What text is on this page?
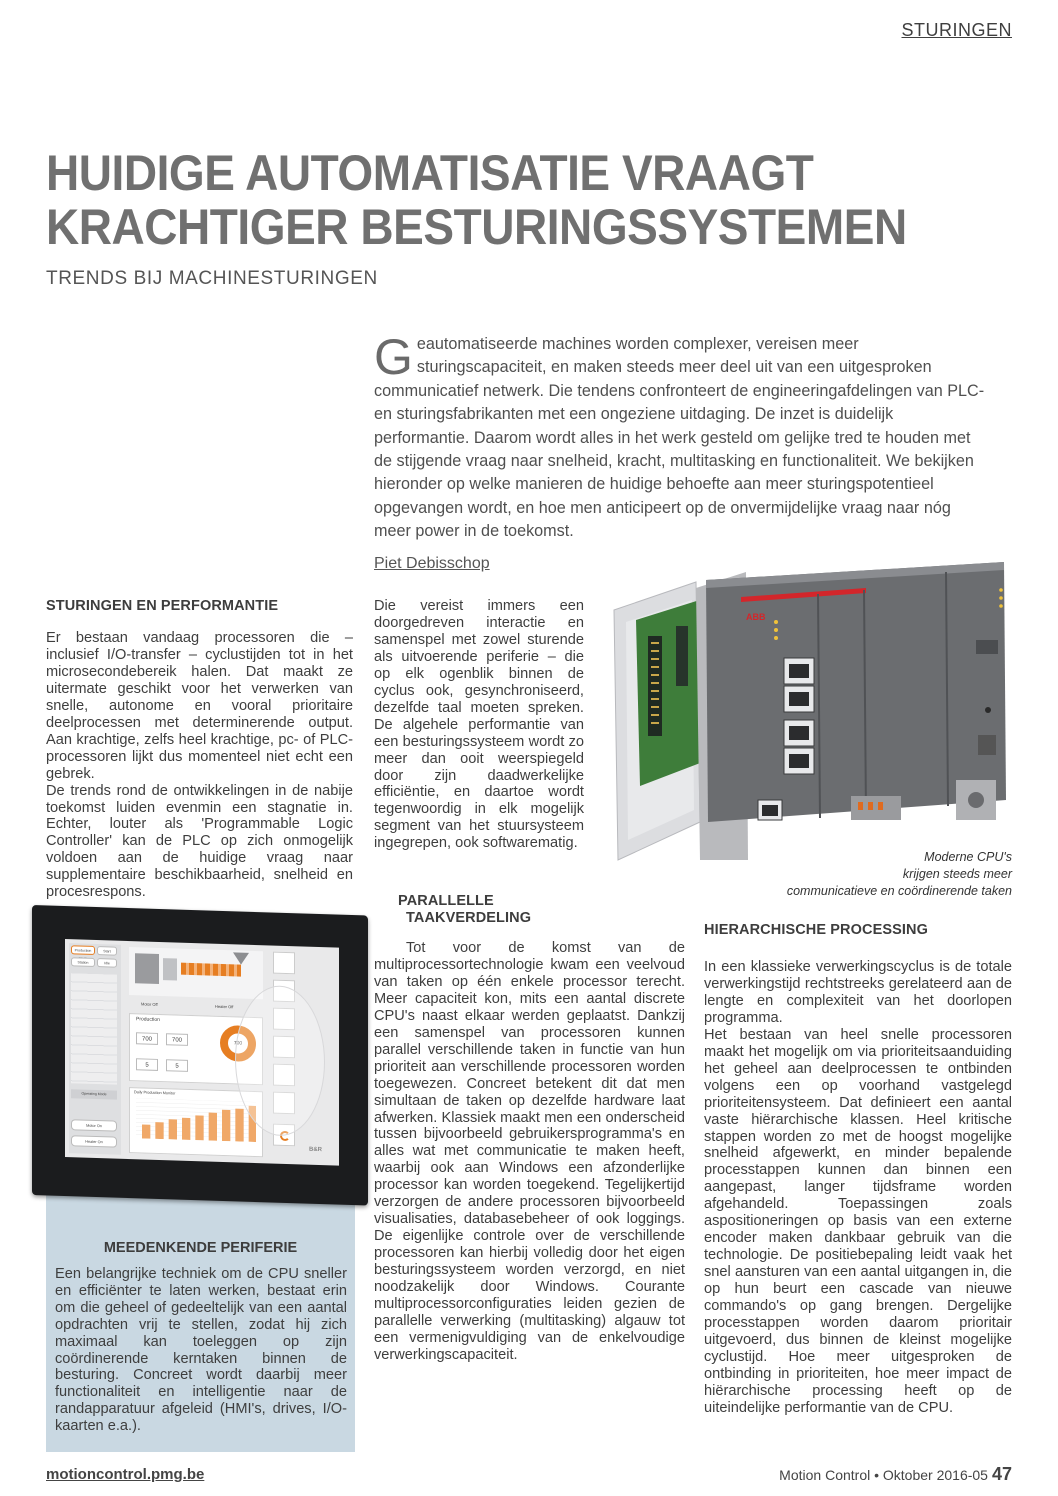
STURINGEN
HUIDIGE AUTOMATISATIE VRAAGT
KRACHTIGER BESTURINGSSYSTEMEN
TRENDS BIJ MACHINESTURINGEN
Geautomatiseerde machines worden complexer, vereisen meer sturingscapaciteit, en maken steeds meer deel uit van een uitgesproken communicatief netwerk. Die tendens confronteert de engineeringafdelingen van PLC- en sturingsfabrikanten met een ongeziene uitdaging. De inzet is duidelijk performantie. Daarom wordt alles in het werk gesteld om gelijke tred te houden met de stijgende vraag naar snelheid, kracht, multitasking en functionaliteit. We bekijken hieronder op welke manieren de huidige behoefte aan meer sturingspotentieel opgevangen wordt, en hoe men anticipeert op de onvermijdelijke vraag naar nóg meer power in de toekomst.
Piet Debisschop
STURINGEN EN PERFORMANTIE
Er bestaan vandaag processoren die – inclusief I/O-transfer – cyclustijden tot in het microsecondebereik halen. Dat maakt ze uitermate geschikt voor het verwerken van snelle, autonome en vooral prioritaire deelprocessen met determinerende output. Aan krachtige, zelfs heel krachtige, pc- of PLC-processoren lijkt dus momenteel niet echt een gebrek.
De trends rond de ontwikkelingen in de nabije toekomst luiden evenmin een stagnatie in. Echter, louter als 'Programmable Logic Controller' kan de PLC op zich onmogelijk voldoen aan de huidige vraag naar supplementaire beschikbaarheid, snelheid en procesrespons.
Die vereist immers een doorgedreven interactie en samenspel met zowel sturende als uitvoerende periferie – die op elk ogenblik binnen de cyclus ook, gesynchroniseerd, dezelfde taal moeten spreken. De algehele performantie van een besturingssysteem wordt zo meer dan ooit weerspiegeld door zijn daadwerkelijke efficiëntie, en daartoe wordt tegenwoordig in elk mogelijk segment van het stuursysteem ingegrepen, ook softwarematig.
PARALLELLE
TAAKVERDELING
Tot voor de komst van de multiprocessortechnologie kwam een veelvoud van taken op één enkele processor terecht. Meer capaciteit kon, mits een aantal discrete CPU's naast elkaar werden geplaatst. Dankzij een samenspel van processoren kunnen parallel verschillende taken in functie van hun prioriteit aan verschillende processoren worden toegewezen. Concreet betekent dit dat men simultaan de taken op dezelfde hardware laat afwerken. Klassiek maakt men een onderscheid tussen bijvoorbeeld gebruikersprogramma's en alles wat met communicatie te maken heeft, waarbij ook aan Windows een afzonderlijke processor kan worden toegekend. Tegelijkertijd verzorgen de andere processoren bijvoorbeeld visualisaties, databasebeheer of ook loggings. De eigenlijke controle over de verschillende processoren kan hierbij volledig door het eigen besturingssysteem worden verzorgd, en niet noodzakelijk door Windows. Courante multiprocessorconfiguraties leiden gezien de parallelle verwerking (multitasking) algauw tot een vermenigvuldiging van de enkelvoudige verwerkingscapaciteit.
HIERARCHISCHE PROCESSING
In een klassieke verwerkingscyclus is de totale verwerkingstijd rechtstreeks gerelateerd aan de lengte en complexiteit van het doorlopen programma.
Het bestaan van heel snelle processoren maakt het mogelijk om via prioriteitsaanduiding het geheel aan deelprocessen te ontbinden volgens een op voorhand vastgelegd prioriteitensysteem. Dat definieert een aantal vaste hiërarchische klassen. Heel kritische stappen worden zo met de hoogst mogelijke snelheid afgewerkt, en minder bepalende processtappen kunnen dan binnen een aangepast, langer tijdsframe worden afgehandeld. Toepassingen zoals aspositioneringen op basis van een externe encoder maken dankbaar gebruik van die technologie. De positiebepaling leidt vaak het snel aansturen van een aantal uitgangen in, die op hun beurt een cascade van nieuwe commando's op gang brengen. Dergelijke processtappen worden daarom prioritair uitgevoerd, dus binnen de kleinst mogelijke cyclustijd. Hoe meer uitgesproken de ontbinding in prioriteiten, hoe meer impact de hiërarchische processing heeft op de uiteindelijke performantie van de CPU.
ABB
Moderne CPU's
krijgen steeds meer
communicatieve en coördinerende taken
MEEDENKENDE PERIFERIE
Een belangrijke techniek om de CPU sneller en efficiënter te laten werken, bestaat erin om die geheel of gedeeltelijk van een aantal opdrachten vrij te stellen, zodat hij zich maximaal kan toeleggen op zijn coördinerende kerntaken binnen de besturing. Concreet wordt daarbij meer functionaliteit en intelligentie naar de randapparatuur afgeleid (HMI's, drives, I/O-kaarten e.a.).
Production	Start
Station	Idle
Operating Mode
Motor On
Heater On
Motor Off	Heater Off
Production
700	700
5	5
700
Daily Production Monitor
B&R
motioncontrol.pmg.be	Motion Control • Oktober 2016-05 47
